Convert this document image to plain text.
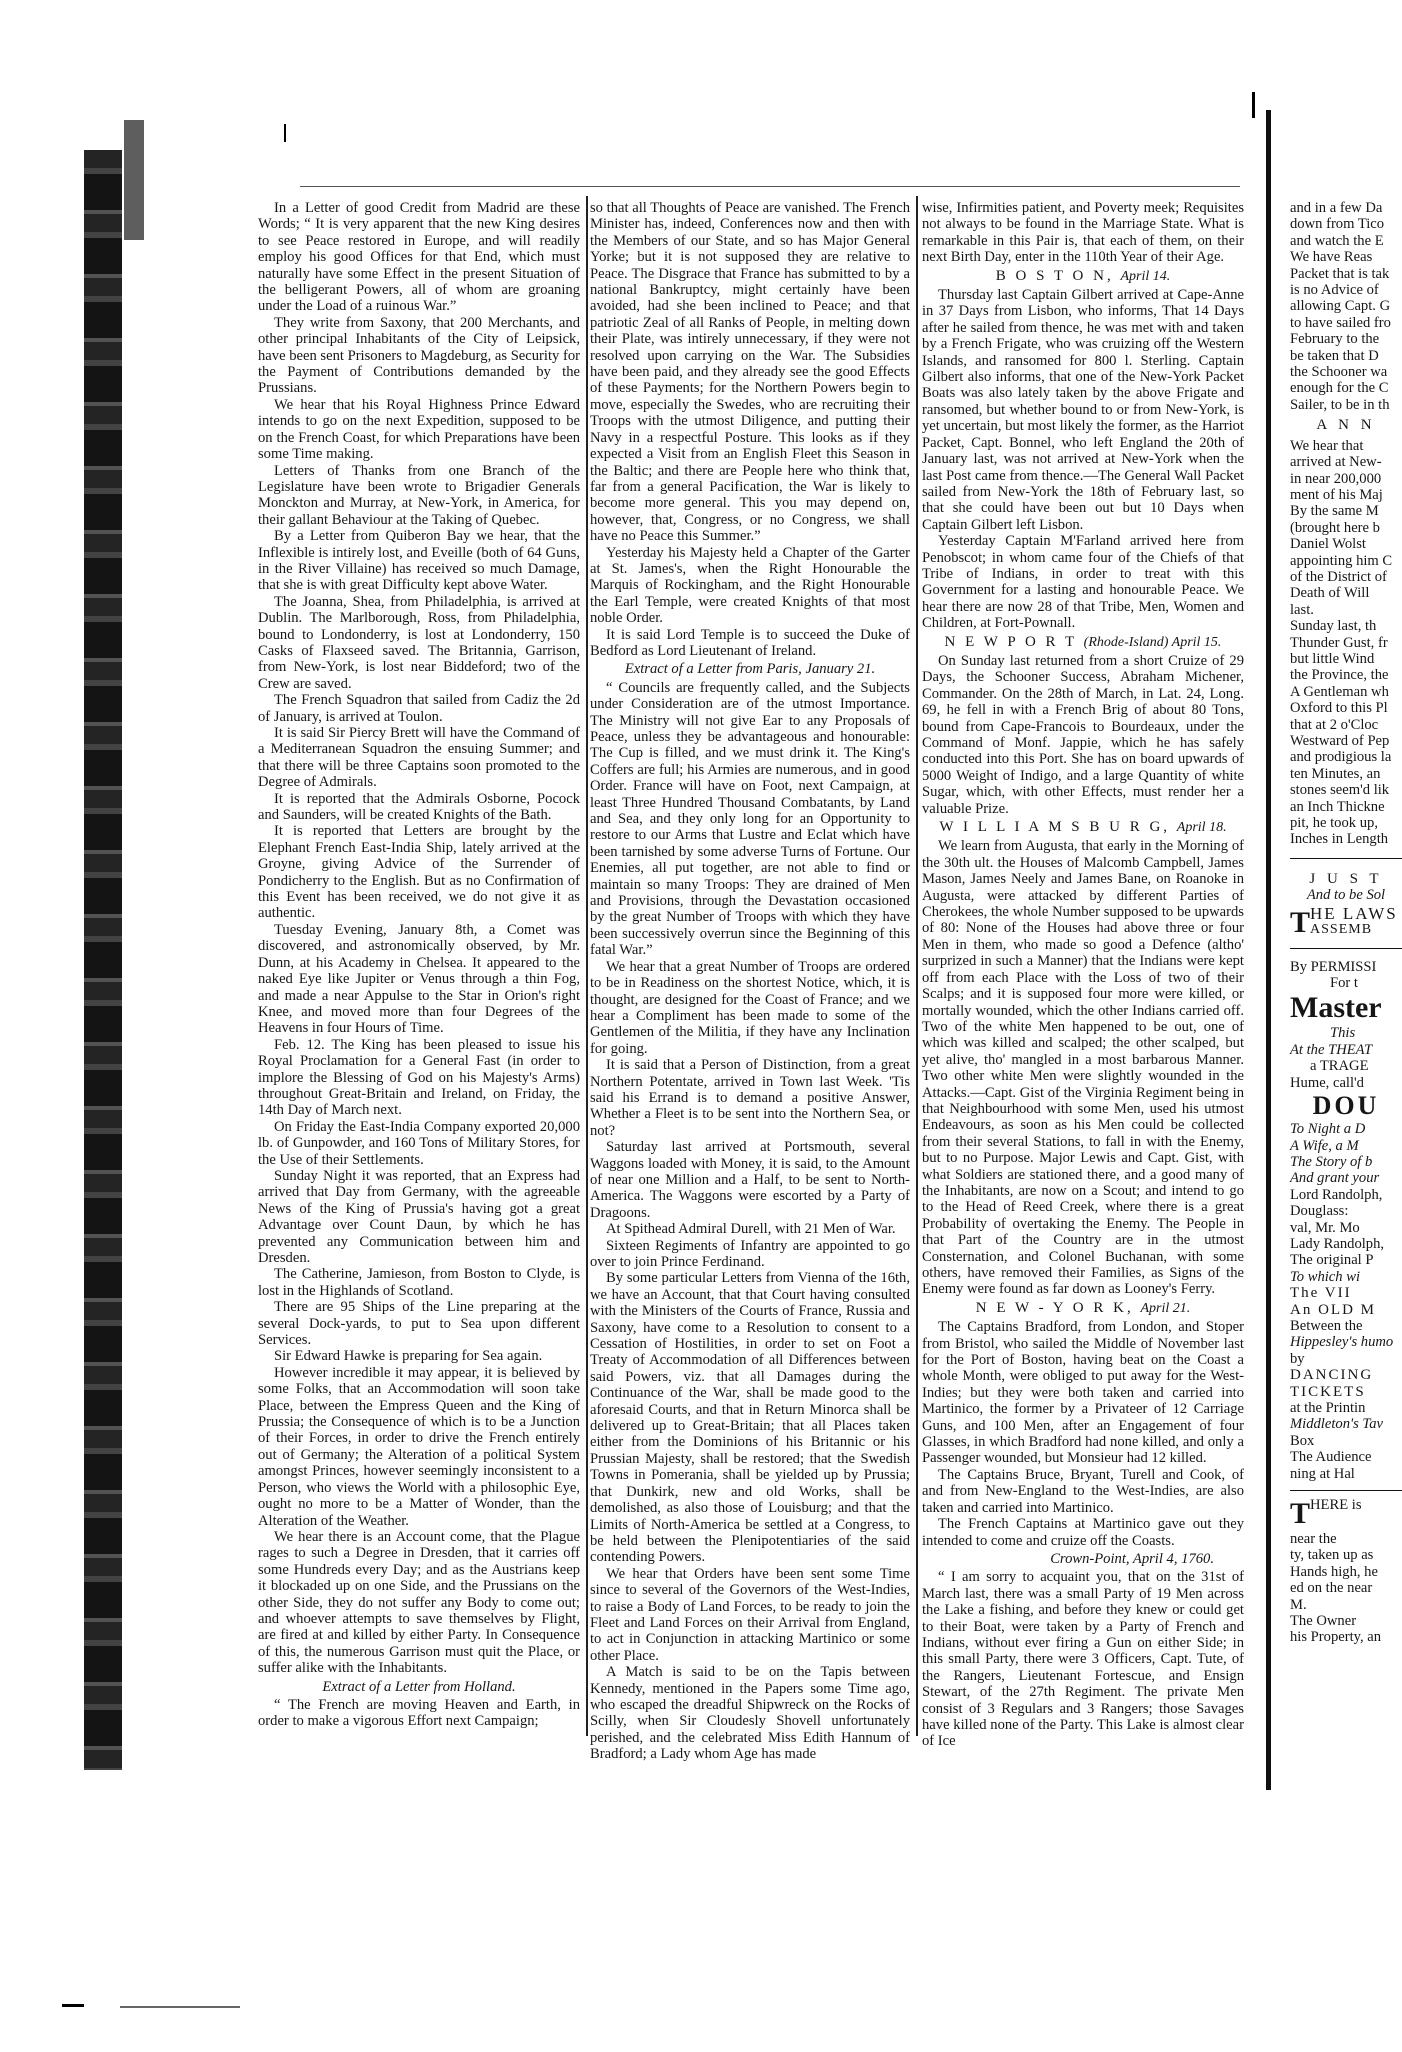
In a Letter of good Credit from Madrid are these Words; “ It is very apparent that the new King desires to see Peace restored in Europe, and will readily employ his good Offices for that End, which must naturally have some Effect in the present Situation of the belligerant Powers, all of whom are groaning under the Load of a ruinous War.”

They write from Saxony, that 200 Merchants, and other principal Inhabitants of the City of Leipsick, have been sent Prisoners to Magdeburg, as Security for the Payment of Contributions demanded by the Prussians.

We hear that his Royal Highness Prince Edward intends to go on the next Expedition, supposed to be on the French Coast, for which Preparations have been some Time making.

Letters of Thanks from one Branch of the Legislature have been wrote to Brigadier Generals Monckton and Murray, at New-York, in America, for their gallant Behaviour at the Taking of Quebec.

By a Letter from Quiberon Bay we hear, that the Inflexible is intirely lost, and Eveille (both of 64 Guns, in the River Villaine) has received so much Damage, that she is with great Difficulty kept above Water.

The Joanna, Shea, from Philadelphia, is arrived at Dublin. The Marlborough, Ross, from Philadelphia, bound to Londonderry, is lost at Londonderry, 150 Casks of Flaxseed saved. The Britannia, Garrison, from New-York, is lost near Biddeford; two of the Crew are saved.

The French Squadron that sailed from Cadiz the 2d of January, is arrived at Toulon.

It is said Sir Piercy Brett will have the Command of a Mediterranean Squadron the ensuing Summer; and that there will be three Captains soon promoted to the Degree of Admirals.

It is reported that the Admirals Osborne, Pocock and Saunders, will be created Knights of the Bath.

It is reported that Letters are brought by the Elephant French East-India Ship, lately arrived at the Groyne, giving Advice of the Surrender of Pondicherry to the English. But as no Confirmation of this Event has been received, we do not give it as authentic.

Tuesday Evening, January 8th, a Comet was discovered, and astronomically observed, by Mr. Dunn, at his Academy in Chelsea. It appeared to the naked Eye like Jupiter or Venus through a thin Fog, and made a near Appulse to the Star in Orion's right Knee, and moved more than four Degrees of the Heavens in four Hours of Time.

Feb. 12. The King has been pleased to issue his Royal Proclamation for a General Fast (in order to implore the Blessing of God on his Majesty's Arms) throughout Great-Britain and Ireland, on Friday, the 14th Day of March next.

On Friday the East-India Company exported 20,000 lb. of Gunpowder, and 160 Tons of Military Stores, for the Use of their Settlements.

Sunday Night it was reported, that an Express had arrived that Day from Germany, with the agreeable News of the King of Prussia's having got a great Advantage over Count Daun, by which he has prevented any Communication between him and Dresden.

The Catherine, Jamieson, from Boston to Clyde, is lost in the Highlands of Scotland.

There are 95 Ships of the Line preparing at the several Dock-yards, to put to Sea upon different Services.

Sir Edward Hawke is preparing for Sea again.

However incredible it may appear, it is believed by some Folks, that an Accommodation will soon take Place, between the Empress Queen and the King of Prussia; the Consequence of which is to be a Junction of their Forces, in order to drive the French entirely out of Germany; the Alteration of a political System amongst Princes, however seemingly inconsistent to a Person, who views the World with a philosophic Eye, ought no more to be a Matter of Wonder, than the Alteration of the Weather.

We hear there is an Account come, that the Plague rages to such a Degree in Dresden, that it carries off some Hundreds every Day; and as the Austrians keep it blockaded up on one Side, and the Prussians on the other Side, they do not suffer any Body to come out; and whoever attempts to save themselves by Flight, are fired at and killed by either Party. In Consequence of this, the numerous Garrison must quit the Place, or suffer alike with the Inhabitants.

Extract of a Letter from Holland.

“ The French are moving Heaven and Earth, in order to make a vigorous Effort next Campaign;

so that all Thoughts of Peace are vanished. The French Minister has, indeed, Conferences now and then with the Members of our State, and so has Major General Yorke; but it is not supposed they are relative to Peace. The Disgrace that France has submitted to by a national Bankruptcy, might certainly have been avoided, had she been inclined to Peace; and that patriotic Zeal of all Ranks of People, in melting down their Plate, was intirely unnecessary, if they were not resolved upon carrying on the War. The Subsidies have been paid, and they already see the good Effects of these Payments; for the Northern Powers begin to move, especially the Swedes, who are recruiting their Troops with the utmost Diligence, and putting their Navy in a respectful Posture. This looks as if they expected a Visit from an English Fleet this Season in the Baltic; and there are People here who think that, far from a general Pacification, the War is likely to become more general. This you may depend on, however, that, Congress, or no Congress, we shall have no Peace this Summer.”

Yesterday his Majesty held a Chapter of the Garter at St. James's, when the Right Honourable the Marquis of Rockingham, and the Right Honourable the Earl Temple, were created Knights of that most noble Order.

It is said Lord Temple is to succeed the Duke of Bedford as Lord Lieutenant of Ireland.

Extract of a Letter from Paris, January 21.

“ Councils are frequently called, and the Subjects under Consideration are of the utmost Importance. The Ministry will not give Ear to any Proposals of Peace, unless they be advantageous and honourable: The Cup is filled, and we must drink it. The King's Coffers are full; his Armies are numerous, and in good Order. France will have on Foot, next Campaign, at least Three Hundred Thousand Combatants, by Land and Sea, and they only long for an Opportunity to restore to our Arms that Lustre and Eclat which have been tarnished by some adverse Turns of Fortune. Our Enemies, all put together, are not able to find or maintain so many Troops: They are drained of Men and Provisions, through the Devastation occasioned by the great Number of Troops with which they have been successively overrun since the Beginning of this fatal War.”

We hear that a great Number of Troops are ordered to be in Readiness on the shortest Notice, which, it is thought, are designed for the Coast of France; and we hear a Compliment has been made to some of the Gentlemen of the Militia, if they have any Inclination for going.

It is said that a Person of Distinction, from a great Northern Potentate, arrived in Town last Week. 'Tis said his Errand is to demand a positive Answer, Whether a Fleet is to be sent into the Northern Sea, or not?

Saturday last arrived at Portsmouth, several Waggons loaded with Money, it is said, to the Amount of near one Million and a Half, to be sent to North-America. The Waggons were escorted by a Party of Dragoons.

At Spithead Admiral Durell, with 21 Men of War.

Sixteen Regiments of Infantry are appointed to go over to join Prince Ferdinand.

By some particular Letters from Vienna of the 16th, we have an Account, that that Court having consulted with the Ministers of the Courts of France, Russia and Saxony, have come to a Resolution to consent to a Cessation of Hostilities, in order to set on Foot a Treaty of Accommodation of all Differences between said Powers, viz. that all Damages during the Continuance of the War, shall be made good to the aforesaid Courts, and that in Return Minorca shall be delivered up to Great-Britain; that all Places taken either from the Dominions of his Britannic or his Prussian Majesty, shall be restored; that the Swedish Towns in Pomerania, shall be yielded up by Prussia; that Dunkirk, new and old Works, shall be demolished, as also those of Louisburg; and that the Limits of North-America be settled at a Congress, to be held between the Plenipotentiaries of the said contending Powers.

We hear that Orders have been sent some Time since to several of the Governors of the West-Indies, to raise a Body of Land Forces, to be ready to join the Fleet and Land Forces on their Arrival from England, to act in Conjunction in attacking Martinico or some other Place.

A Match is said to be on the Tapis between Kennedy, mentioned in the Papers some Time ago, who escaped the dreadful Shipwreck on the Rocks of Scilly, when Sir Cloudesly Shovell unfortunately perished, and the celebrated Miss Edith Hannum of Bradford; a Lady whom Age has made

wise, Infirmities patient, and Poverty meek; Requisites not always to be found in the Marriage State. What is remarkable in this Pair is, that each of them, on their next Birth Day, enter in the 110th Year of their Age.

B O S T O N, April 14.

Thursday last Captain Gilbert arrived at Cape-Anne in 37 Days from Lisbon, who informs, That 14 Days after he sailed from thence, he was met with and taken by a French Frigate, who was cruizing off the Western Islands, and ransomed for 800 l. Sterling. Captain Gilbert also informs, that one of the New-York Packet Boats was also lately taken by the above Frigate and ransomed, but whether bound to or from New-York, is yet uncertain, but most likely the former, as the Harriot Packet, Capt. Bonnel, who left England the 20th of January last, was not arrived at New-York when the last Post came from thence.—The General Wall Packet sailed from New-York the 18th of February last, so that she could have been out but 10 Days when Captain Gilbert left Lisbon.

Yesterday Captain M'Farland arrived here from Penobscot; in whom came four of the Chiefs of that Tribe of Indians, in order to treat with this Government for a lasting and honourable Peace. We hear there are now 28 of that Tribe, Men, Women and Children, at Fort-Pownall.

N E W P O R T (Rhode-Island) April 15.

On Sunday last returned from a short Cruize of 29 Days, the Schooner Success, Abraham Michener, Commander. On the 28th of March, in Lat. 24, Long. 69, he fell in with a French Brig of about 80 Tons, bound from Cape-Francois to Bourdeaux, under the Command of Monf. Jappie, which he has safely conducted into this Port. She has on board upwards of 5000 Weight of Indigo, and a large Quantity of white Sugar, which, with other Effects, must render her a valuable Prize.

W I L L I A M S B U R G, April 18.

We learn from Augusta, that early in the Morning of the 30th ult. the Houses of Malcomb Campbell, James Mason, James Neely and James Bane, on Roanoke in Augusta, were attacked by different Parties of Cherokees, the whole Number supposed to be upwards of 80: None of the Houses had above three or four Men in them, who made so good a Defence (altho' surprized in such a Manner) that the Indians were kept off from each Place with the Loss of two of their Scalps; and it is supposed four more were killed, or mortally wounded, which the other Indians carried off. Two of the white Men happened to be out, one of which was killed and scalped; the other scalped, but yet alive, tho' mangled in a most barbarous Manner. Two other white Men were slightly wounded in the Attacks.—Capt. Gist of the Virginia Regiment being in that Neighbourhood with some Men, used his utmost Endeavours, as soon as his Men could be collected from their several Stations, to fall in with the Enemy, but to no Purpose. Major Lewis and Capt. Gist, with what Soldiers are stationed there, and a good many of the Inhabitants, are now on a Scout; and intend to go to the Head of Reed Creek, where there is a great Probability of overtaking the Enemy. The People in that Part of the Country are in the utmost Consternation, and Colonel Buchanan, with some others, have removed their Families, as Signs of the Enemy were found as far down as Looney's Ferry.

N E W - Y O R K, April 21.

The Captains Bradford, from London, and Stoper from Bristol, who sailed the Middle of November last for the Port of Boston, having beat on the Coast a whole Month, were obliged to put away for the West-Indies; but they were both taken and carried into Martinico, the former by a Privateer of 12 Carriage Guns, and 100 Men, after an Engagement of four Glasses, in which Bradford had none killed, and only a Passenger wounded, but Monsieur had 12 killed.

The Captains Bruce, Bryant, Turell and Cook, of and from New-England to the West-Indies, are also taken and carried into Martinico.

The French Captains at Martinico gave out they intended to come and cruize off the Coasts.

Crown-Point, April 4, 1760.

“ I am sorry to acquaint you, that on the 31st of March last, there was a small Party of 19 Men across the Lake a fishing, and before they knew or could get to their Boat, were taken by a Party of French and Indians, without ever firing a Gun on either Side; in this small Party, there were 3 Officers, Capt. Tute, of the Rangers, Lieutenant Fortescue, and Ensign Stewart, of the 27th Regiment. The private Men consist of 3 Regulars and 3 Rangers; those Savages have killed none of the Party. This Lake is almost clear of Ice

and in a few Da

down from Tico

and watch the E

We have Reas

Packet that is tak

is no Advice of

allowing Capt. G

to have sailed fro

February to the

be taken that D

the Schooner wa

enough for the C

Sailer, to be in th

A N N

We hear that

arrived at New-

in near 200,000

ment of his Maj

By the same M

(brought here b

Daniel Wolst

appointing him C

of the District of

Death of Will

last.

Sunday last, th

Thunder Gust, fr

but little Wind

the Province, the

A Gentleman wh

Oxford to this Pl

that at 2 o'Cloc

Westward of Pep

and prodigious la

ten Minutes, an

stones seem'd lik

an Inch Thickne

pit, he took up,

Inches in Length

J U S T

And to be Sol

T HE LAWS

ASSEMB

By PERMISSI

For t

Master

This

At the THEAT

a TRAGE

Hume, call'd

DOU

To Night a D

A Wife, a M

The Story of b

And grant your

Lord Randolph,

Douglass:

val, Mr. Mo

Lady Randolph,

The original P

To which wi

The VII

An OLD M

Between the

Hippesley's humo

by

DANCING

TICKETS

at the Printin

Middleton's Tav

Box

The Audience

ning at Hal

T HERE is

near the

ty, taken up as

Hands high, he

ed on the near

M.

The Owner

his Property, an
